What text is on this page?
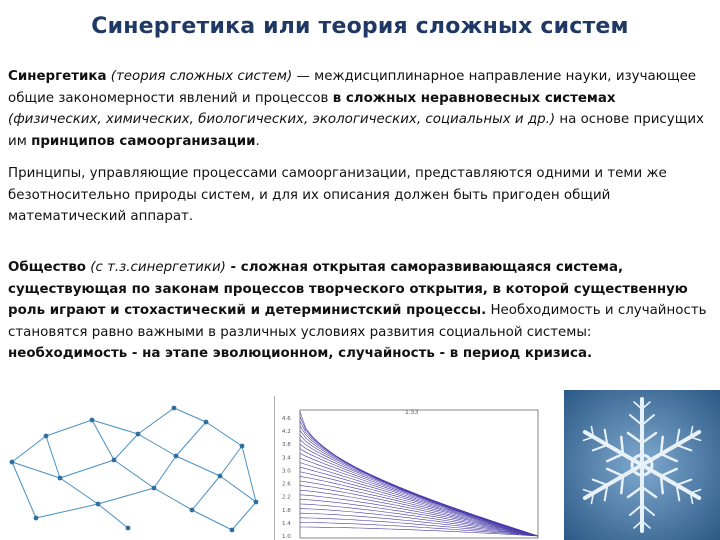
Синергетика или теория сложных систем

Синергетика (теория сложных систем) — междисциплинарное направление науки, изучающее общие закономерности явлений и процессов в сложных неравновесных системах (физических, химических, биологических, экологических, социальных и др.) на основе присущих им принципов самоорганизации.

Принципы, управляющие процессами самоорганизации, представляются одними и теми же безотносительно природы систем, и для их описания должен быть пригоден общий математический аппарат.

Общество (с т.з.синергетики) - сложная открытая саморазвивающаяся система, существующая по законам процессов творческого открытия, в которой существенную роль играют и стохастический и детерминистский процессы. Необходимость и случайность становятся равно важными в различных условиях развития социальной системы: необходимость - на этапе эволюционном, случайность - в период кризиса.

1.53
4.6
4.2
3.8
3.4
3.0
2.6
2.2
1.8
1.4
1.0
